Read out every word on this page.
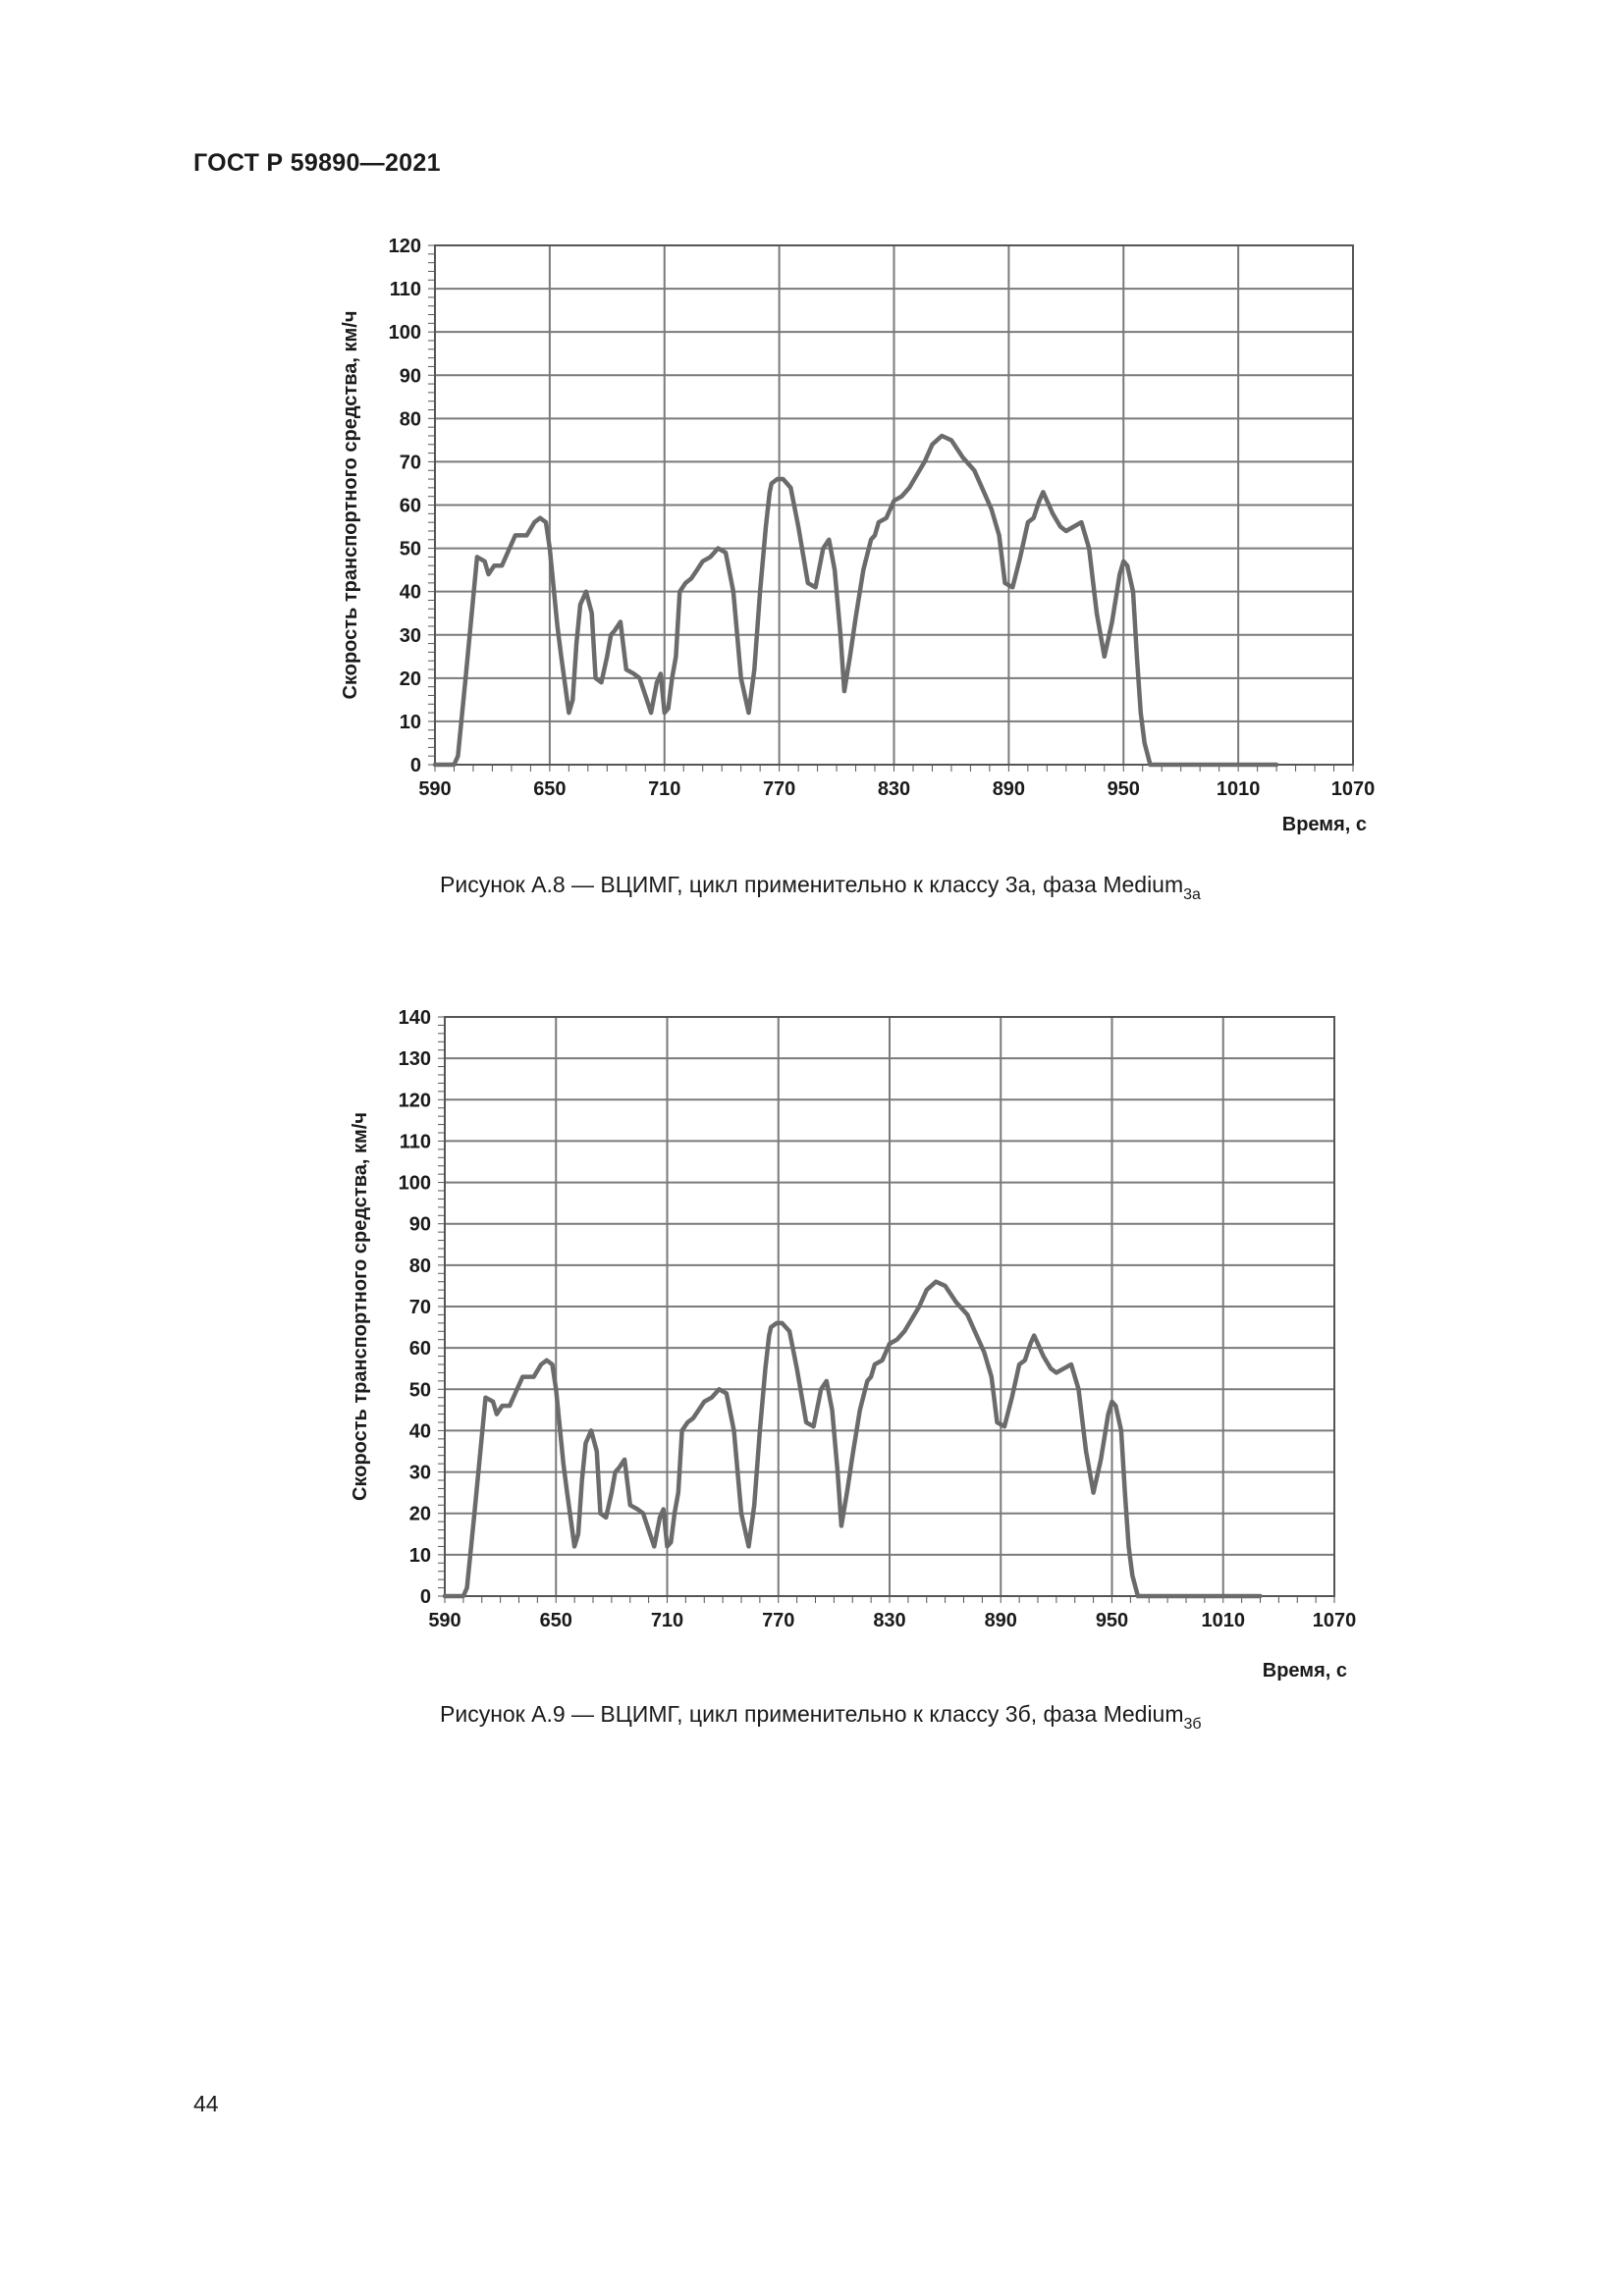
ГОСТ Р 59890—2021
590	650	710	770	830	890	950	1010	1070
0
10
20
30
40
50
60
70
80
90
100
110
120
Время, с
Скорость транспортного средства, км/ч
Рисунок А.8 — ВЦИМГ, цикл применительно к классу 3а, фаза Medium$_{3a}$
590	650	710	770	830	890	950	1010	1070
0
10
20
30
40
50
60
70
80
90
100
110
120
130
140
Время, с
Скорость транспортного средства, км/ч
Рисунок А.9 — ВЦИМГ, цикл применительно к классу 3б, фаза Medium$_{3б}$
44
